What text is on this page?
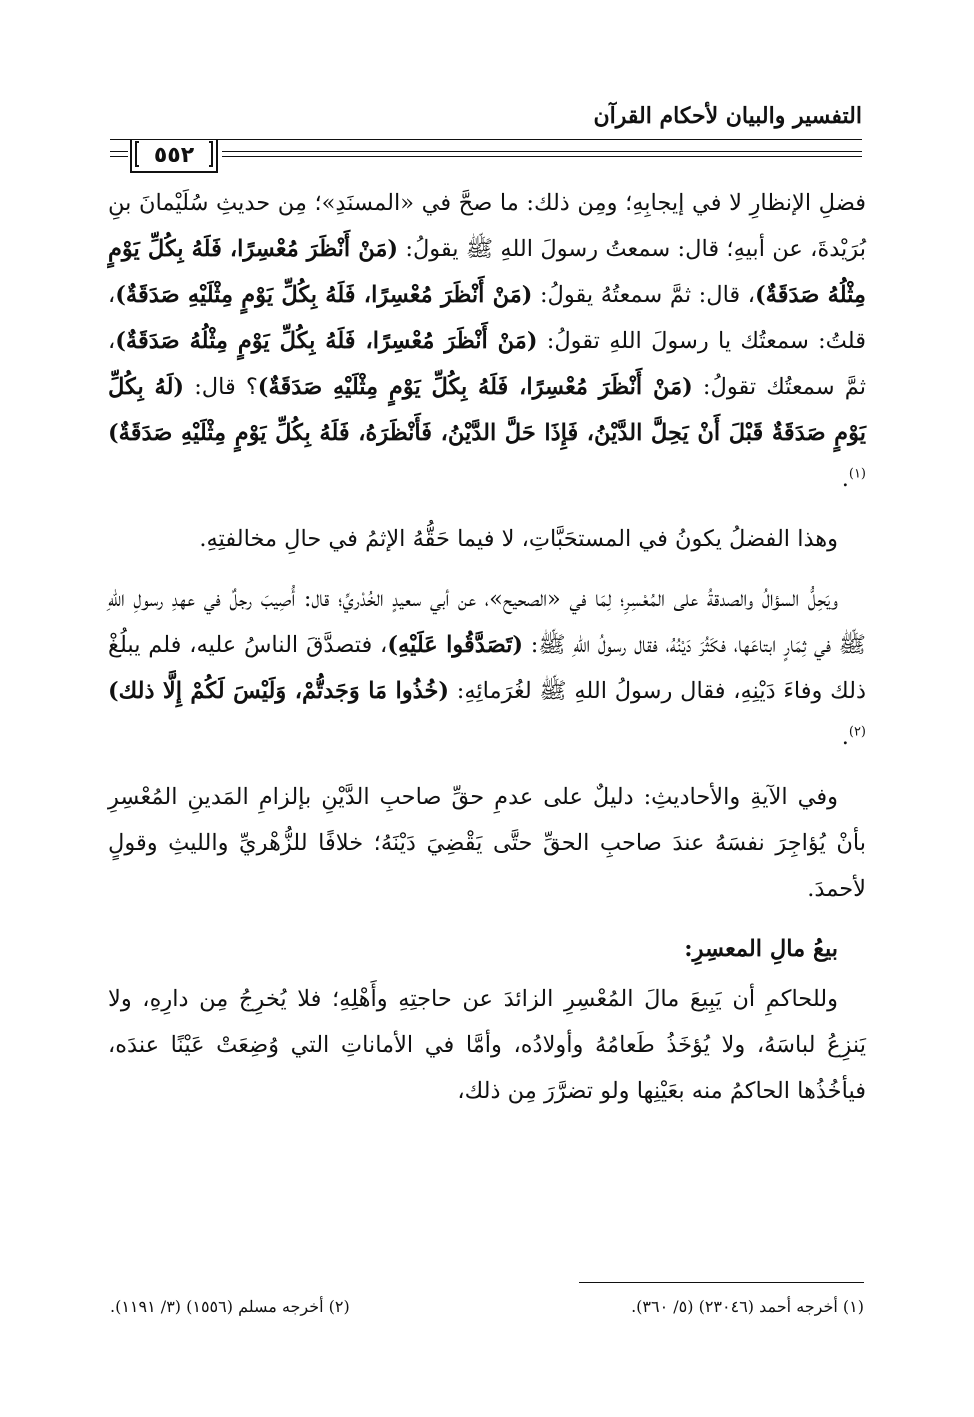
التفسير والبيان لأحكام القرآن
٥٥٢

فضلِ الإنظارِ لا في إيجابِهِ؛ ومِن ذلك: ما صحَّ في «المسنَدِ»؛ مِن حديثِ سُلَيْمانَ بنِ بُرَيْدةَ، عن أبيهِ؛ قال: سمعتُ رسولَ اللهِ ﷺ يقولُ: (مَنْ أَنْظَرَ مُعْسِرًا، فَلَهُ بِكُلِّ يَوْمٍ مِثْلُهُ صَدَقَةٌ)، قال: ثمَّ سمعتُهُ يقولُ: (مَنْ أَنْظَرَ مُعْسِرًا، فَلَهُ بِكُلِّ يَوْمٍ مِثْلَيْهِ صَدَقَةٌ)، قلتُ: سمعتُك يا رسولَ اللهِ تقولُ: (مَنْ أَنْظَرَ مُعْسِرًا، فَلَهُ بِكُلِّ يَوْمٍ مِثْلُهُ صَدَقَةٌ)، ثمَّ سمعتُك تقولُ: (مَنْ أَنْظَرَ مُعْسِرًا، فَلَهُ بِكُلِّ يَوْمٍ مِثْلَيْهِ صَدَقَةٌ)؟ قال: (لَهُ بِكُلِّ يَوْمٍ صَدَقَةٌ قَبْلَ أَنْ يَحِلَّ الدَّيْنُ، فَإِذَا حَلَّ الدَّيْنُ، فَأَنْظَرَهُ، فَلَهُ بِكُلِّ يَوْمٍ مِثْلَيْهِ صَدَقَةٌ)$^{(١)}$.

وهذا الفضلُ يكونُ في المستحَبَّاتِ، لا فيما حَقُّهُ الإثمُ في حالِ مخالفتِهِ.

ويَحِلُّ السؤالُ والصدقةُ على المُعْسِرِ؛ لِمَا في «الصحيح»، عن أبي سعيدٍ الخُدْريِّ؛ قال: أُصِيبَ رجلٌ في عهدِ رسولِ اللهِ ﷺ في ثِمَارٍ ابتاعَها، فكَثُرَ دَيْنُهُ، فقال رسولُ اللهِ ﷺ: (تَصَدَّقُوا عَلَيْهِ)، فتصدَّقَ الناسُ عليه، فلم يبلُغْ ذلك وفاءَ دَيْنِهِ، فقال رسولُ اللهِ ﷺ لغُرَمائِهِ: (خُذُوا مَا وَجَدتُّمْ، وَلَيْسَ لَكُمْ إِلَّا ذلك)$^{(٢)}$.

وفي الآيةِ والأحاديثِ: دليلٌ على عدمِ حقِّ صاحبِ الدَّيْنِ بإلزامِ المَدينِ المُعْسِرِ بأنْ يُؤاجِرَ نفسَهُ عندَ صاحبِ الحقِّ حتَّى يَقْضِيَ دَيْنَهُ؛ خلافًا للزُّهْريِّ والليثِ وقولٍ لأحمدَ.

بيعُ مالِ المعسِرِ:

وللحاكمِ أن يَبِيعَ مالَ المُعْسِرِ الزائدَ عن حاجتِهِ وأَهْلِهِ؛ فلا يُخرِجُ مِن دارِهِ، ولا يَنزِعُ لباسَهُ، ولا يُؤخَذُ طَعامُهُ وأولادُه، وأمَّا في الأماناتِ التي وُضِعَتْ عَيْنًا عندَه، فيأخُذُها الحاكمُ منه بعَيْنِها ولو تضرَّرَ مِن ذلك،

(١) أخرجه أحمد (٢٣٠٤٦) (٥/ ٣٦٠).
(٢) أخرجه مسلم (١٥٥٦) (٣/ ١١٩١).
